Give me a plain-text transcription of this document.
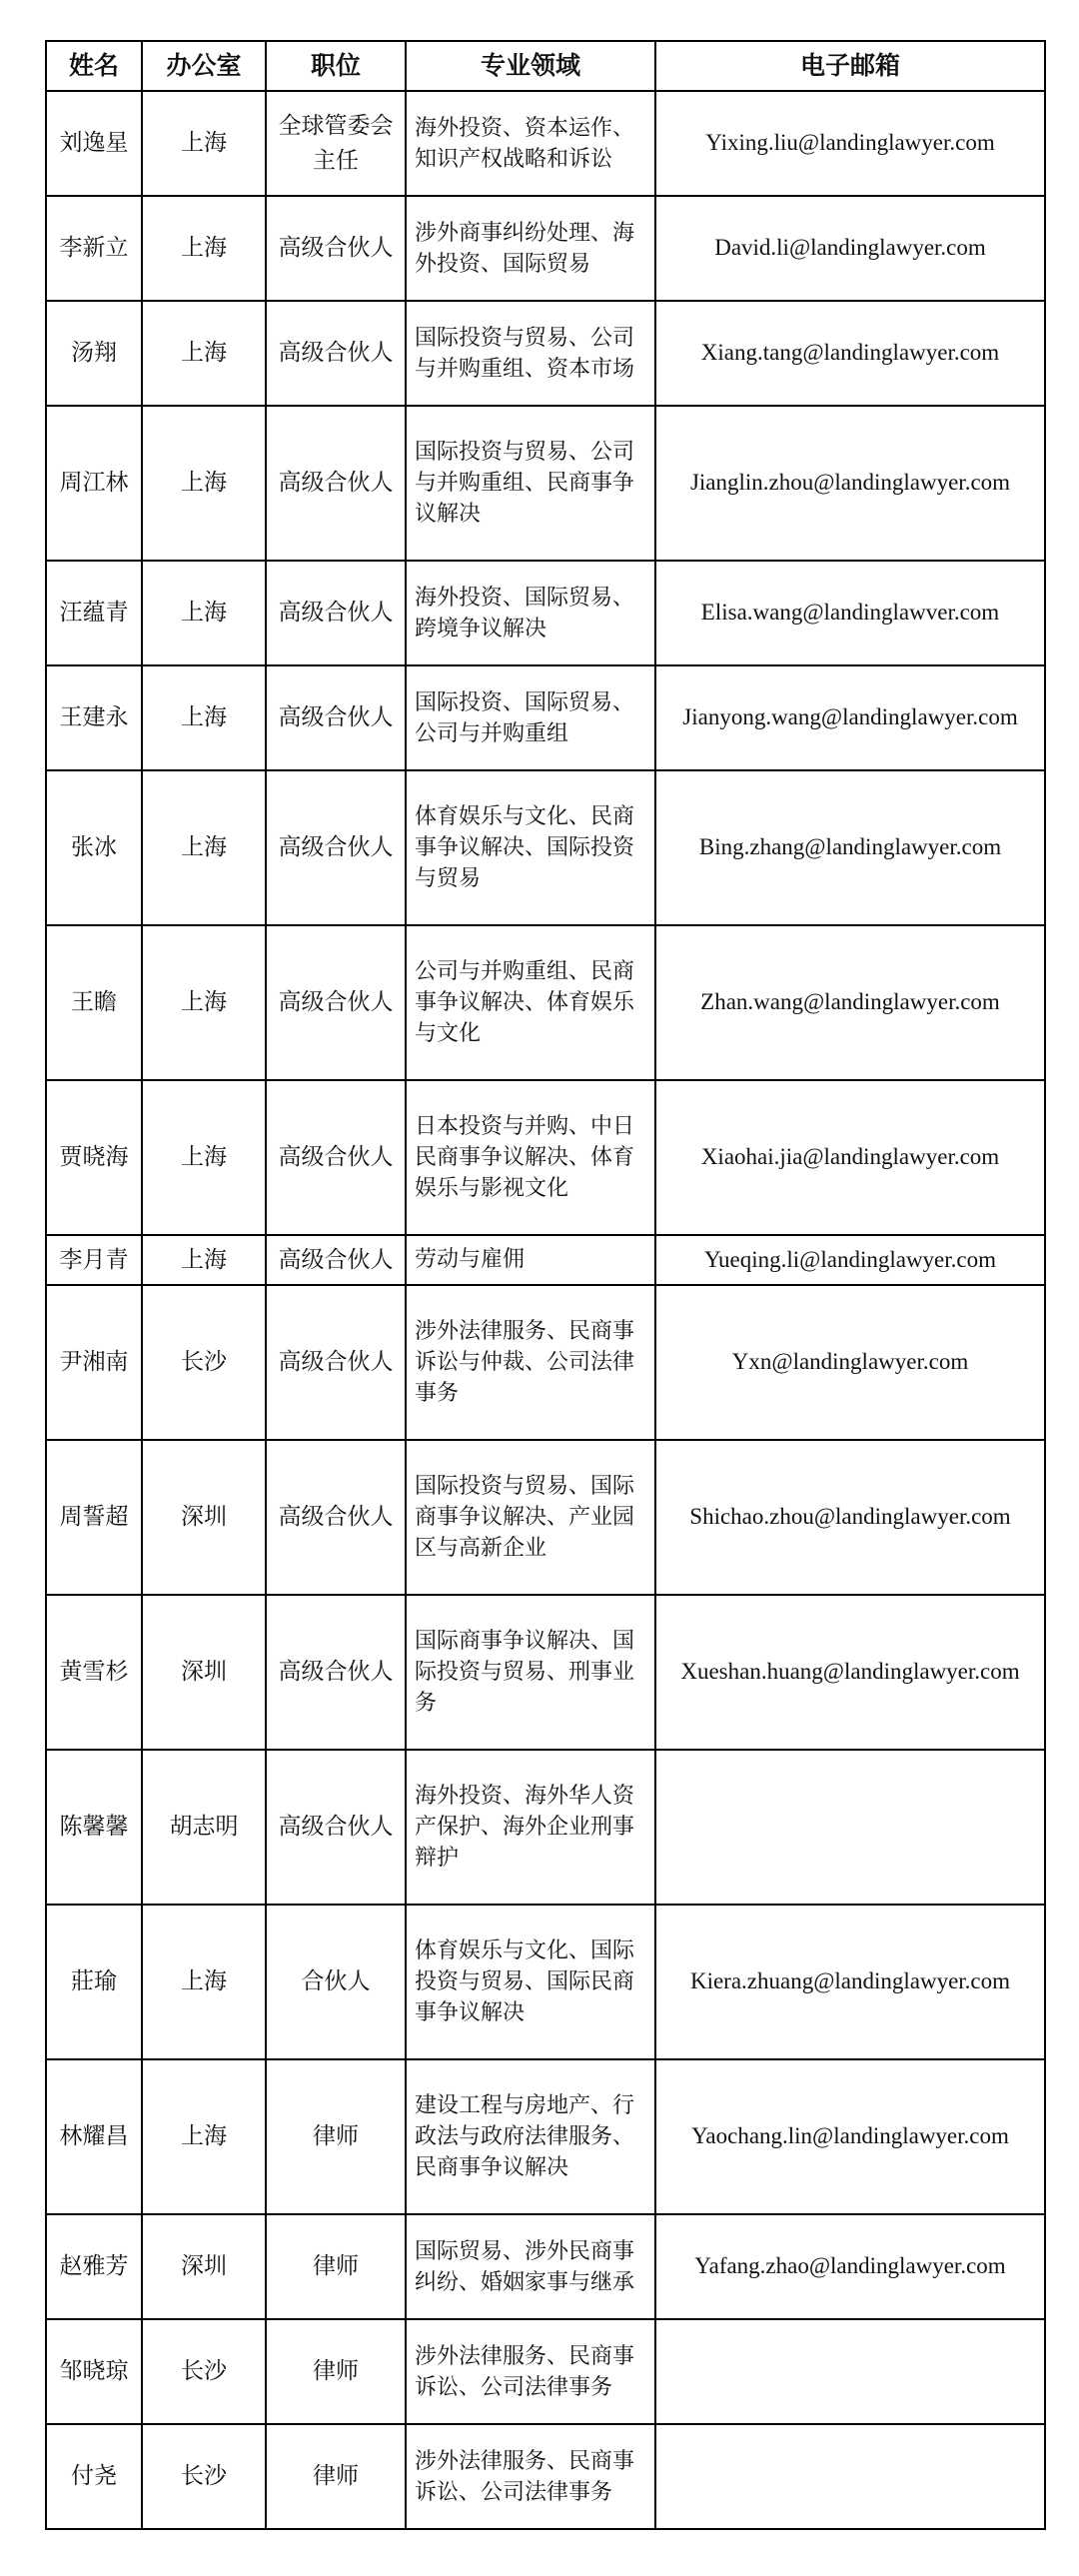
姓名	办公室	职位	专业领域	电子邮箱
刘逸星	上海	全球管委会主任	海外投资、资本运作、知识产权战略和诉讼	Yixing.liu@landinglawyer.com
李新立	上海	高级合伙人	涉外商事纠纷处理、海外投资、国际贸易	David.li@landinglawyer.com
汤翔	上海	高级合伙人	国际投资与贸易、公司与并购重组、资本市场	Xiang.tang@landinglawyer.com
周江林	上海	高级合伙人	国际投资与贸易、公司与并购重组、民商事争议解决	Jianglin.zhou@landinglawyer.com
汪蕴青	上海	高级合伙人	海外投资、国际贸易、跨境争议解决	Elisa.wang@landinglawver.com
王建永	上海	高级合伙人	国际投资、国际贸易、公司与并购重组	Jianyong.wang@landinglawyer.com
张冰	上海	高级合伙人	体育娱乐与文化、民商事争议解决、国际投资与贸易	Bing.zhang@landinglawyer.com
王瞻	上海	高级合伙人	公司与并购重组、民商事争议解决、体育娱乐与文化	Zhan.wang@landinglawyer.com
贾晓海	上海	高级合伙人	日本投资与并购、中日民商事争议解决、体育娱乐与影视文化	Xiaohai.jia@landinglawyer.com
李月青	上海	高级合伙人	劳动与雇佣	Yueqing.li@landinglawyer.com
尹湘南	长沙	高级合伙人	涉外法律服务、民商事诉讼与仲裁、公司法律事务	Yxn@landinglawyer.com
周誓超	深圳	高级合伙人	国际投资与贸易、国际商事争议解决、产业园区与高新企业	Shichao.zhou@landinglawyer.com
黄雪杉	深圳	高级合伙人	国际商事争议解决、国际投资与贸易、刑事业务	Xueshan.huang@landinglawyer.com
陈馨馨	胡志明	高级合伙人	海外投资、海外华人资产保护、海外企业刑事辩护	
莊瑜	上海	合伙人	体育娱乐与文化、国际投资与贸易、国际民商事争议解决	Kiera.zhuang@landinglawyer.com
林耀昌	上海	律师	建设工程与房地产、行政法与政府法律服务、民商事争议解决	Yaochang.lin@landinglawyer.com
赵雅芳	深圳	律师	国际贸易、涉外民商事纠纷、婚姻家事与继承	Yafang.zhao@landinglawyer.com
邹晓琼	长沙	律师	涉外法律服务、民商事诉讼、公司法律事务	
付尧	长沙	律师	涉外法律服务、民商事诉讼、公司法律事务	
